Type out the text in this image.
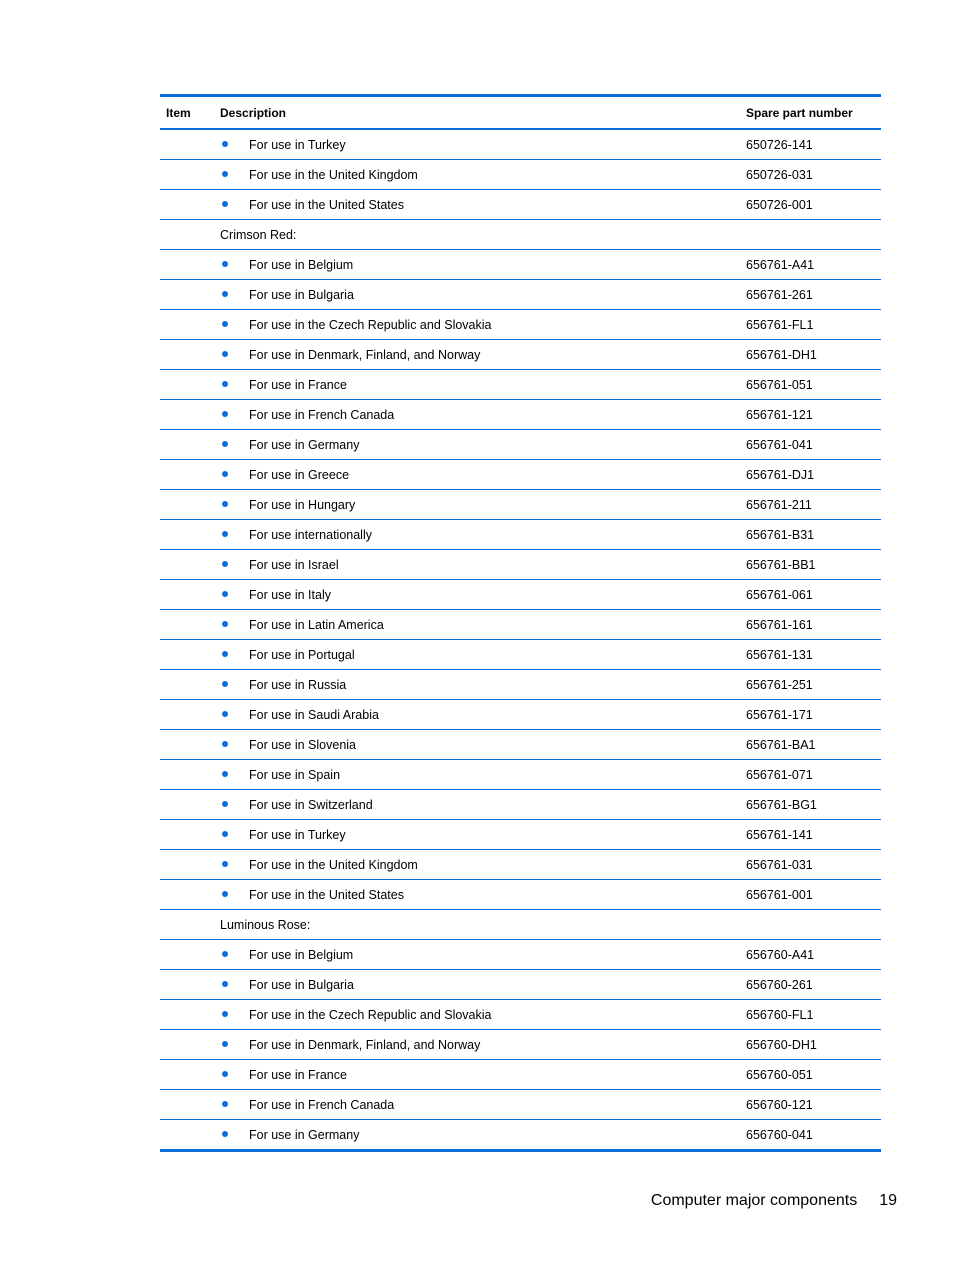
Item	Description	Spare part number
	For use in Turkey	650726-141
	For use in the United Kingdom	650726-031
	For use in the United States	650726-001
	Crimson Red:	
	For use in Belgium	656761-A41
	For use in Bulgaria	656761-261
	For use in the Czech Republic and Slovakia	656761-FL1
	For use in Denmark, Finland, and Norway	656761-DH1
	For use in France	656761-051
	For use in French Canada	656761-121
	For use in Germany	656761-041
	For use in Greece	656761-DJ1
	For use in Hungary	656761-211
	For use internationally	656761-B31
	For use in Israel	656761-BB1
	For use in Italy	656761-061
	For use in Latin America	656761-161
	For use in Portugal	656761-131
	For use in Russia	656761-251
	For use in Saudi Arabia	656761-171
	For use in Slovenia	656761-BA1
	For use in Spain	656761-071
	For use in Switzerland	656761-BG1
	For use in Turkey	656761-141
	For use in the United Kingdom	656761-031
	For use in the United States	656761-001
	Luminous Rose:	
	For use in Belgium	656760-A41
	For use in Bulgaria	656760-261
	For use in the Czech Republic and Slovakia	656760-FL1
	For use in Denmark, Finland, and Norway	656760-DH1
	For use in France	656760-051
	For use in French Canada	656760-121
	For use in Germany	656760-041
Computer major components 19
